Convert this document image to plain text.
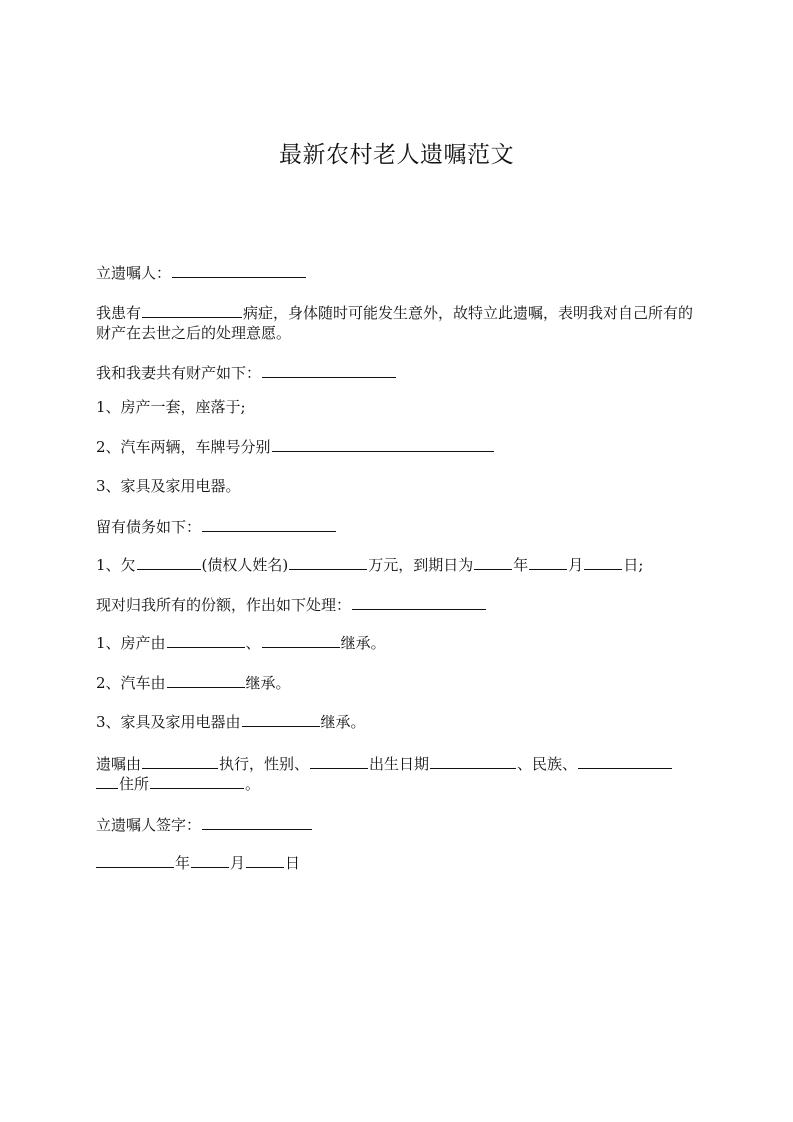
最新农村老人遗嘱范文
立遗嘱人：
我患有	病症，身体随时可能发生意外，故特立此遗嘱，表明我对自己所有的财产在去世之后的处理意愿。
我和我妻共有财产如下：
1、房产一套，座落于;
2、汽车两辆，车牌号分别
3、家具及家用电器。
留有债务如下：
1、欠	(债权人姓名)	万元，到期日为	年	月	日;
现对归我所有的份额，作出如下处理：
1、房产由	、	继承。
2、汽车由	继承。
3、家具及家用电器由	继承。
遗嘱由	执行，性别、	出生日期	、民族、
住所	。
立遗嘱人签字：
年	月	日
